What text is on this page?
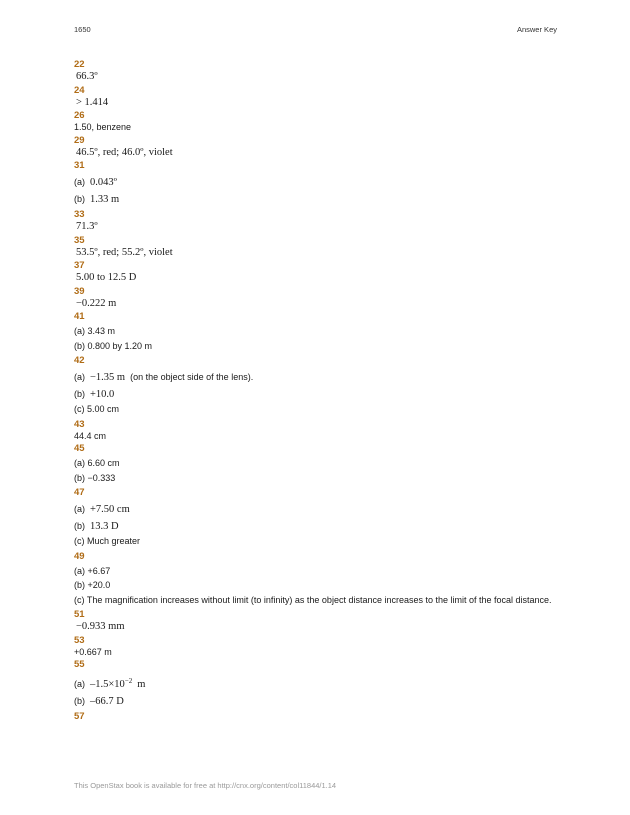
1650	Answer Key
22
66.3º
24
> 1.414
26
1.50, benzene
29
46.5º, red; 46.0º, violet
31
(a) 0.043º
(b) 1.33 m
33
71.3º
35
53.5º, red; 55.2º, violet
37
5.00 to 12.5 D
39
−0.222 m
41
(a) 3.43 m
(b) 0.800 by 1.20 m
42
(a) −1.35 m (on the object side of the lens).
(b) +10.0
(c) 5.00 cm
43
44.4 cm
45
(a) 6.60 cm
(b) −0.333
47
(a) +7.50 cm
(b) 13.3 D
(c) Much greater
49
(a) +6.67
(b) +20.0
(c) The magnification increases without limit (to infinity) as the object distance increases to the limit of the focal distance.
51
−0.933 mm
53
+0.667 m
55
(a) $-1.5\times 10^{-2}$ m
(b) –66.7 D
57
This OpenStax book is available for free at http://cnx.org/content/col11844/1.14
